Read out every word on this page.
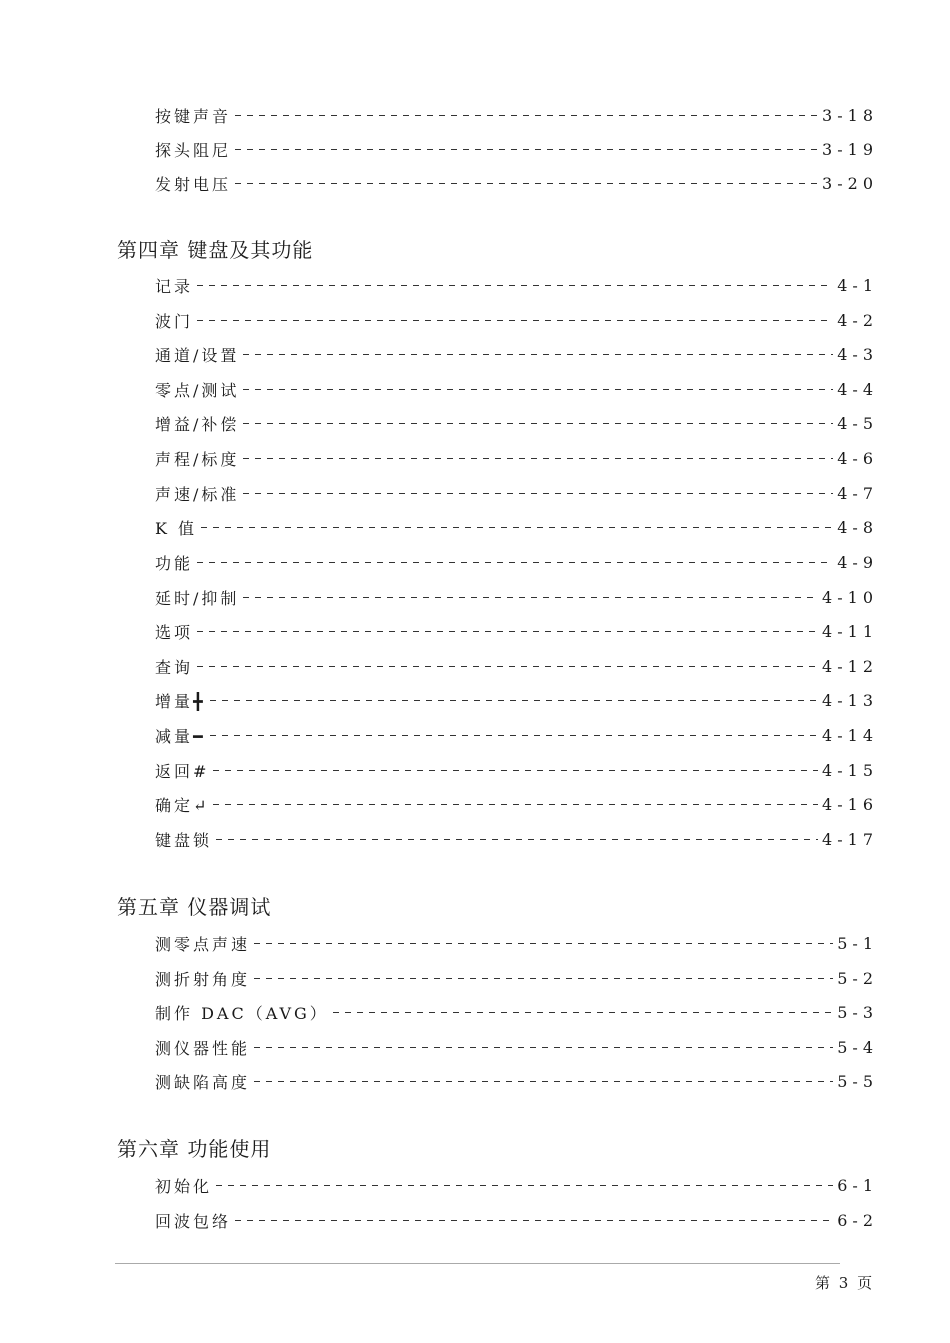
按键声音	3-18
探头阻尼	3-19
发射电压	3-20
第四章 键盘及其功能
记录	4-1
波门	4-2
通道/设置	4-3
零点/测试	4-4
增益/补偿	4-5
声程/标度	4-6
声速/标准	4-7
K 值	4-8
功能	4-9
延时/抑制	4-10
选项	4-11
查询	4-12
增量╋	4-13
减量━	4-14
返回#	4-15
确定↵	4-16
键盘锁	4-17
第五章 仪器调试
测零点声速	5-1
测折射角度	5-2
制作 DAC（AVG）	5-3
测仪器性能	5-4
测缺陷高度	5-5
第六章 功能使用
初始化	6-1
回波包络	6-2
第 3 页
